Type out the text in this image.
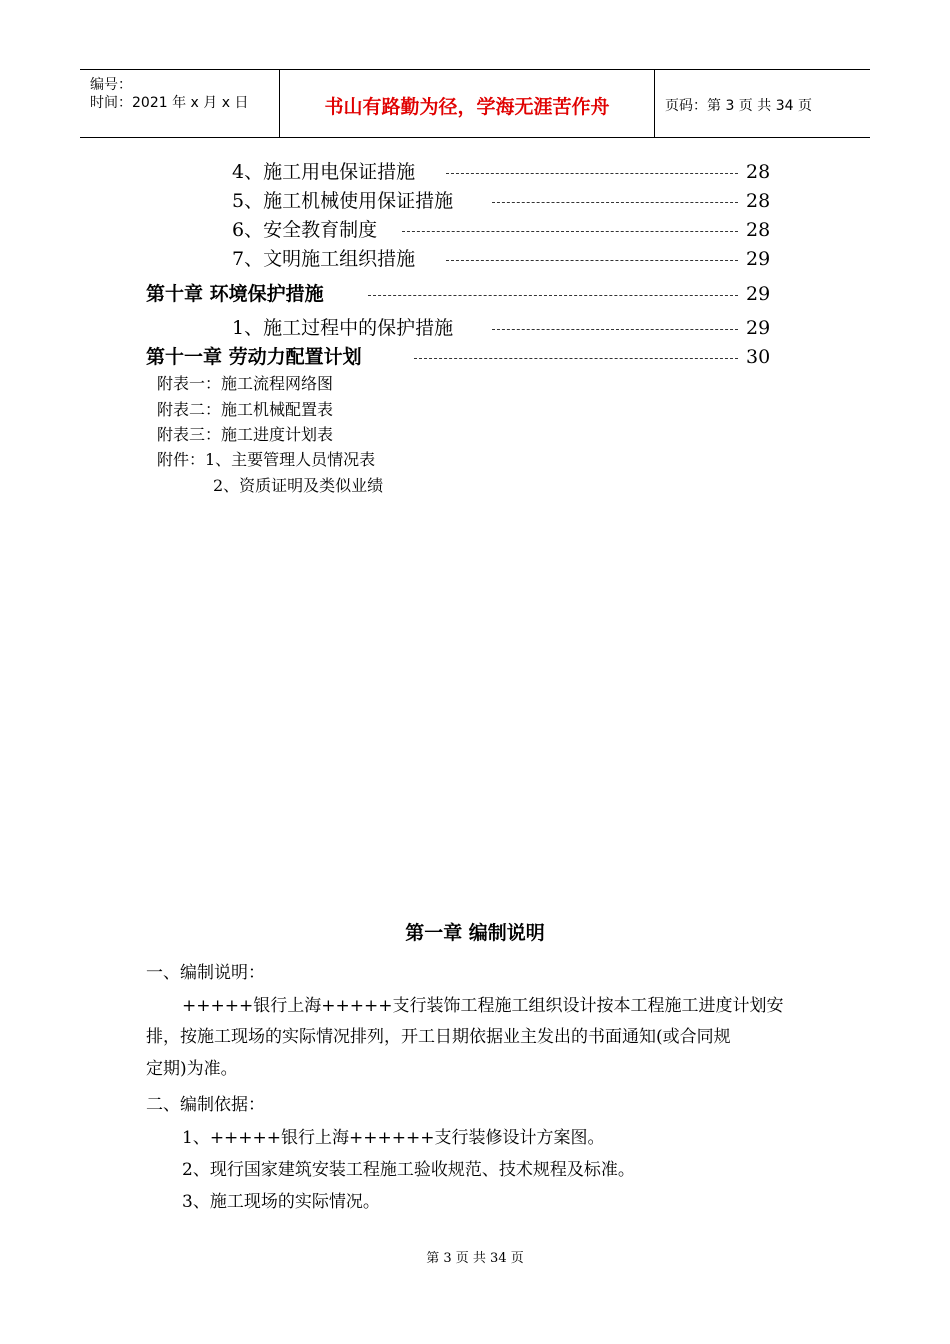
编号：
时间：2021 年 x 月 x 日	书山有路勤为径，学海无涯苦作舟	页码：第 3 页 共 34 页
4、施工用电保证措施	28
5、施工机械使用保证措施	28
6、安全教育制度	28
7、文明施工组织措施	29
第十章 环境保护措施	29
1、施工过程中的保护措施	29
第十一章 劳动力配置计划	30
附表一：施工流程网络图
附表二：施工机械配置表
附表三：施工进度计划表
附件：1、主要管理人员情况表
2、资质证明及类似业绩
第一章 编制说明
一、编制说明：
+++++银行上海+++++支行装饰工程施工组织设计按本工程施工进度计划安
排，按施工现场的实际情况排列，开工日期依据业主发出的书面通知(或合同规
定期)为准。
二、编制依据：
1、+++++银行上海++++++支行装修设计方案图。
2、现行国家建筑安装工程施工验收规范、技术规程及标准。
3、施工现场的实际情况。
第 3 页 共 34 页
